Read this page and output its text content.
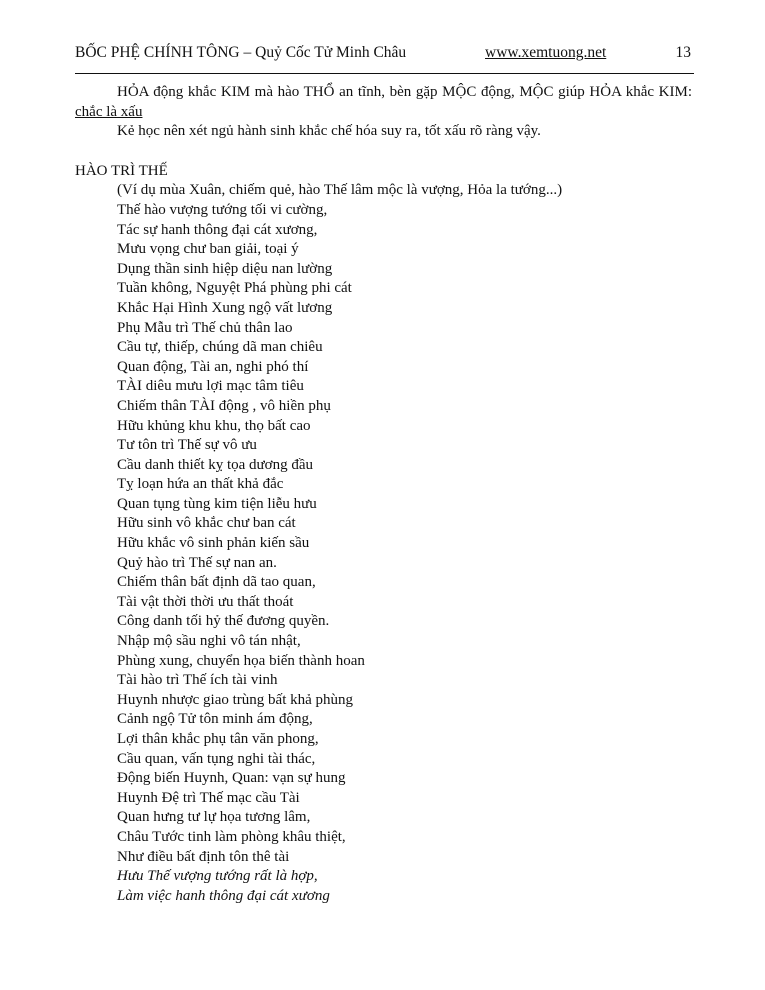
BỐC PHỆ CHÍNH TÔNG – Quỷ Cốc Tử Minh Châu	www.xemtuong.net	13

HỎA động khắc KIM mà hào THỔ an tĩnh, bèn gặp MỘC động, MỘC giúp HỎA khắc KIM: chắc là xấu

Kẻ học nên xét ngủ hành sinh khắc chế hóa suy ra, tốt xấu rõ ràng vậy.

HÀO TRÌ THẾ

(Ví dụ mùa Xuân, chiếm quẻ, hào Thế lâm mộc là vượng, Hỏa la tướng...)
Thế hào vượng tướng tối vi cường,
Tác sự hanh thông đại cát xương,
Mưu vọng chư ban giải, toại ý
Dụng thần sinh hiệp diệu nan lường
Tuần không, Nguyệt Phá phùng phi cát
Khắc Hại Hình Xung ngộ vất lương
Phụ Mẫu trì Thế chủ thân lao
Cầu tự, thiếp, chúng dã man chiêu
Quan động, Tài an, nghi phó thí
TÀI diêu mưu lợi mạc tâm tiêu
Chiếm thân TÀI động , vô hiền phụ
Hữu khủng khu khu, thọ bất cao
Tư tôn trì Thế sự vô ưu
Cầu danh thiết kỵ tọa dương đầu
Tỵ loạn hứa an thất khả đắc
Quan tụng tùng kim tiện liễu hưu
Hữu sinh vô khắc chư ban cát
Hữu khắc vô sinh phản kiến sầu
Quỷ hào trì Thế sự nan an.
Chiếm thân bất định dã tao quan,
Tài vật thời thời ưu thất thoát
Công danh tối hỷ thế đương quyền.
Nhập mộ sầu nghi vô tán nhật,
Phùng xung, chuyển họa biến thành hoan
Tài hào trì Thế ích tài vinh
Huynh nhược giao trùng bất khả phùng
Cảnh ngộ Tử tôn minh ám động,
Lợi thân khắc phụ tân văn phong,
Cầu quan, vấn tụng nghi tài thác,
Động biến Huynh, Quan: vạn sự hung
Huynh Đệ trì Thế mạc cầu Tài
Quan hưng tư lự họa tương lâm,
Châu Tước tinh làm phòng khâu thiệt,
Như điều bất định tôn thê tài
Hưu Thế vượng tướng rất là hợp,
Làm việc hanh thông đại cát xương
